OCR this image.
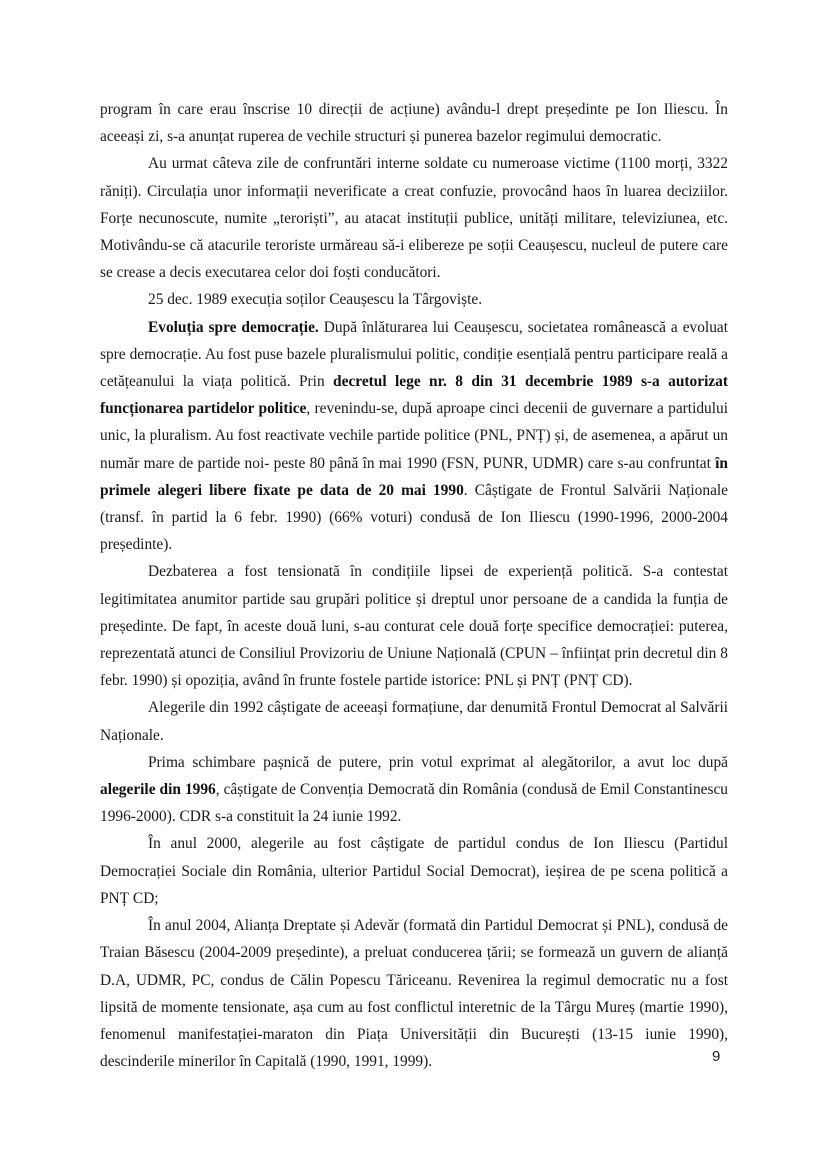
program în care erau înscrise 10 direcții de acțiune) avându-l drept președinte pe Ion Iliescu. În aceeași zi, s-a anunțat ruperea de vechile structuri și punerea bazelor regimului democratic.

Au urmat câteva zile de confruntări interne soldate cu numeroase victime (1100 morți, 3322 răniți). Circulația unor informații neverificate a creat confuzie, provocând haos în luarea deciziilor. Forțe necunoscute, numite „teroriști”, au atacat instituții publice, unități militare, televiziunea, etc. Motivându-se că atacurile teroriste urmăreau să-i elibereze pe soții Ceaușescu, nucleul de putere care se crease a decis executarea celor doi foști conducători.

25 dec. 1989 execuția soților Ceaușescu la Târgoviște.

Evoluția spre democrație. După înlăturarea lui Ceaușescu, societatea românească a evoluat spre democrație. Au fost puse bazele pluralismului politic, condiție esențială pentru participare reală a cetățeanului la viața politică. Prin decretul lege nr. 8 din 31 decembrie 1989 s-a autorizat funcționarea partidelor politice, revenindu-se, după aproape cinci decenii de guvernare a partidului unic, la pluralism. Au fost reactivate vechile partide politice (PNL, PNȚ) și, de asemenea, a apărut un număr mare de partide noi- peste 80 până în mai 1990 (FSN, PUNR, UDMR) care s-au confruntat în primele alegeri libere fixate pe data de 20 mai 1990. Câștigate de Frontul Salvării Naționale (transf. în partid la 6 febr. 1990) (66% voturi) condusă de Ion Iliescu (1990-1996, 2000-2004 președinte).

Dezbaterea a fost tensionată în condițiile lipsei de experiență politică. S-a contestat legitimitatea anumitor partide sau grupări politice și dreptul unor persoane de a candida la funția de președinte. De fapt, în aceste două luni, s-au conturat cele două forțe specifice democrației: puterea, reprezentată atunci de Consiliul Provizoriu de Uniune Națională (CPUN – înființat prin decretul din 8 febr. 1990) și opoziția, având în frunte fostele partide istorice: PNL și PNȚ (PNȚ CD).

Alegerile din 1992 câștigate de aceeași formațiune, dar denumită Frontul Democrat al Salvării Naționale.

Prima schimbare pașnică de putere, prin votul exprimat al alegătorilor, a avut loc după alegerile din 1996, câștigate de Convenția Democrată din România (condusă de Emil Constantinescu 1996-2000). CDR s-a constituit la 24 iunie 1992.

În anul 2000, alegerile au fost câștigate de partidul condus de Ion Iliescu (Partidul Democrației Sociale din România, ulterior Partidul Social Democrat), ieșirea de pe scena politică a PNȚ CD;

În anul 2004, Alianța Dreptate și Adevăr (formată din Partidul Democrat și PNL), condusă de Traian Băsescu (2004-2009 președinte), a preluat conducerea țării; se formează un guvern de alianță D.A, UDMR, PC, condus de Călin Popescu Tăriceanu. Revenirea la regimul democratic nu a fost lipsită de momente tensionate, așa cum au fost conflictul interetnic de la Târgu Mureș (martie 1990), fenomenul manifestației-maraton din Piața Universității din București (13-15 iunie 1990), descinderile minerilor în Capitală (1990, 1991, 1999).	9
